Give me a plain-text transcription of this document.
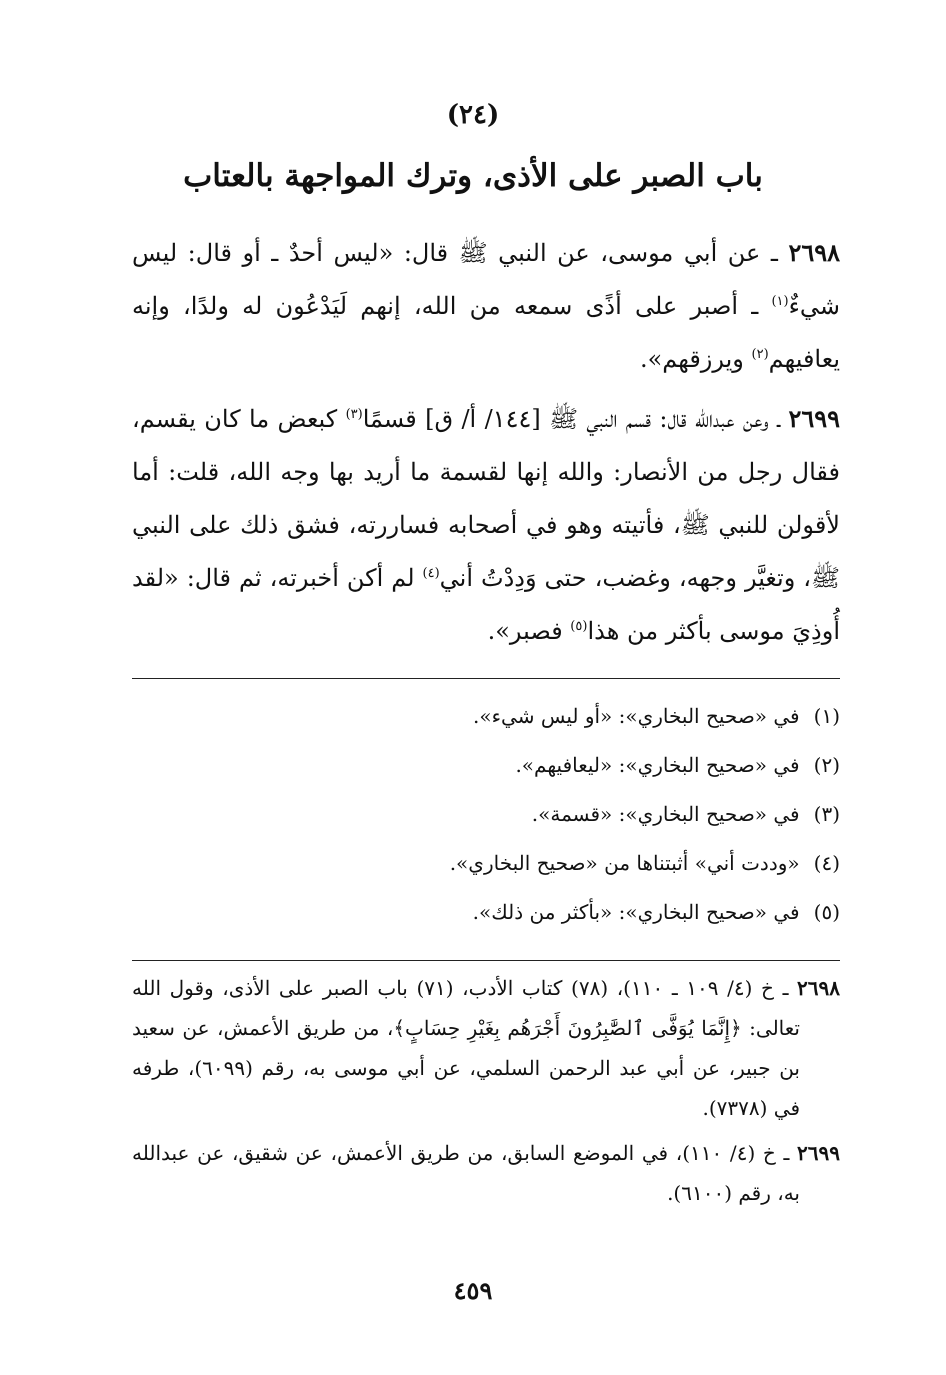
(٢٤)
باب الصبر على الأذى، وترك المواجهة بالعتاب

٢٦٩٨ ـ عن أبي موسى، عن النبي ﷺ قال: «ليس أحدٌ ـ أو قال: ليس شيءٌ$^{(١)}$ ـ أصبر على أذًى سمعه من الله، إنهم لَيَدْعُون له ولدًا، وإنه يعافيهم$^{(٢)}$ ويرزقهم».

٢٦٩٩ ـ وعن عبدالله قال: قسم النبي ﷺ [١٤٤/ أ/ ق] قسمًا$^{(٣)}$ كبعض ما كان يقسم، فقال رجل من الأنصار: والله إنها لقسمة ما أريد بها وجه الله، قلت: أما لأقولن للنبي ﷺ، فأتيته وهو في أصحابه فساررته، فشق ذلك على النبي ﷺ، وتغيَّر وجهه، وغضب، حتى وَدِدْتُ أني$^{(٤)}$ لم أكن أخبرته، ثم قال: «لقد أُوذِيَ موسى بأكثر من هذا$^{(٥)}$ فصبر».

(١)في «صحيح البخاري»: «أو ليس شيء».
(٢)في «صحيح البخاري»: «ليعافيهم».
(٣)في «صحيح البخاري»: «قسمة».
(٤)«وددت أني» أثبتناها من «صحيح البخاري».
(٥)في «صحيح البخاري»: «بأكثر من ذلك».

٢٦٩٨ ـ خ (٤/ ١٠٩ ـ ١١٠)، (٧٨) كتاب الأدب، (٧١) باب الصبر على الأذى، وقول الله تعالى: ﴿إِنَّمَا يُوَفَّى ٱلصَّٰبِرُونَ أَجْرَهُم بِغَيْرِ حِسَابٍ﴾، من طريق الأعمش، عن سعيد بن جبير، عن أبي عبد الرحمن السلمي، عن أبي موسى به، رقم (٦٠٩٩)، طرفه في (٧٣٧٨).

٢٦٩٩ ـ خ (٤/ ١١٠)، في الموضع السابق، من طريق الأعمش، عن شقيق، عن عبدالله به، رقم (٦١٠٠).

٤٥٩
